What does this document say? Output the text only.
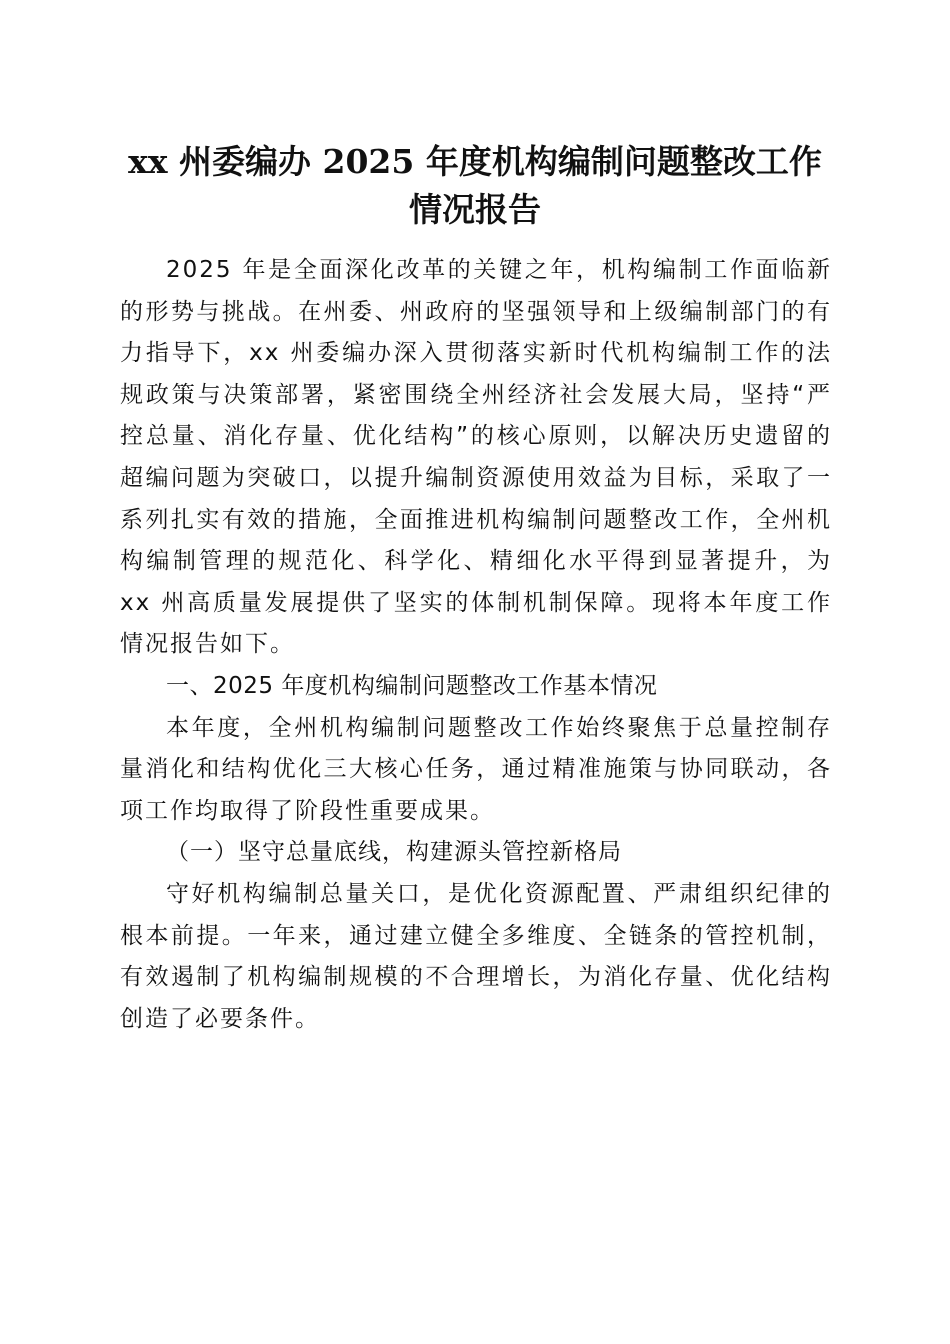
xx 州委编办 2025 年度机构编制问题整改工作
情况报告

2025 年是全面深化改革的关键之年，机构编制工作面临新的形势与挑战。在州委、州政府的坚强领导和上级编制部门的有力指导下，xx 州委编办深入贯彻落实新时代机构编制工作的法规政策与决策部署，紧密围绕全州经济社会发展大局，坚持“严控总量、消化存量、优化结构”的核心原则，以解决历史遗留的超编问题为突破口，以提升编制资源使用效益为目标，采取了一系列扎实有效的措施，全面推进机构编制问题整改工作，全州机构编制管理的规范化、科学化、精细化水平得到显著提升，为 xx 州高质量发展提供了坚实的体制机制保障。现将本年度工作情况报告如下。

一、2025 年度机构编制问题整改工作基本情况

本年度，全州机构编制问题整改工作始终聚焦于总量控制存量消化和结构优化三大核心任务，通过精准施策与协同联动，各项工作均取得了阶段性重要成果。

（一）坚守总量底线，构建源头管控新格局

守好机构编制总量关口，是优化资源配置、严肃组织纪律的根本前提。一年来，通过建立健全多维度、全链条的管控机制，有效遏制了机构编制规模的不合理增长，为消化存量、优化结构创造了必要条件。
